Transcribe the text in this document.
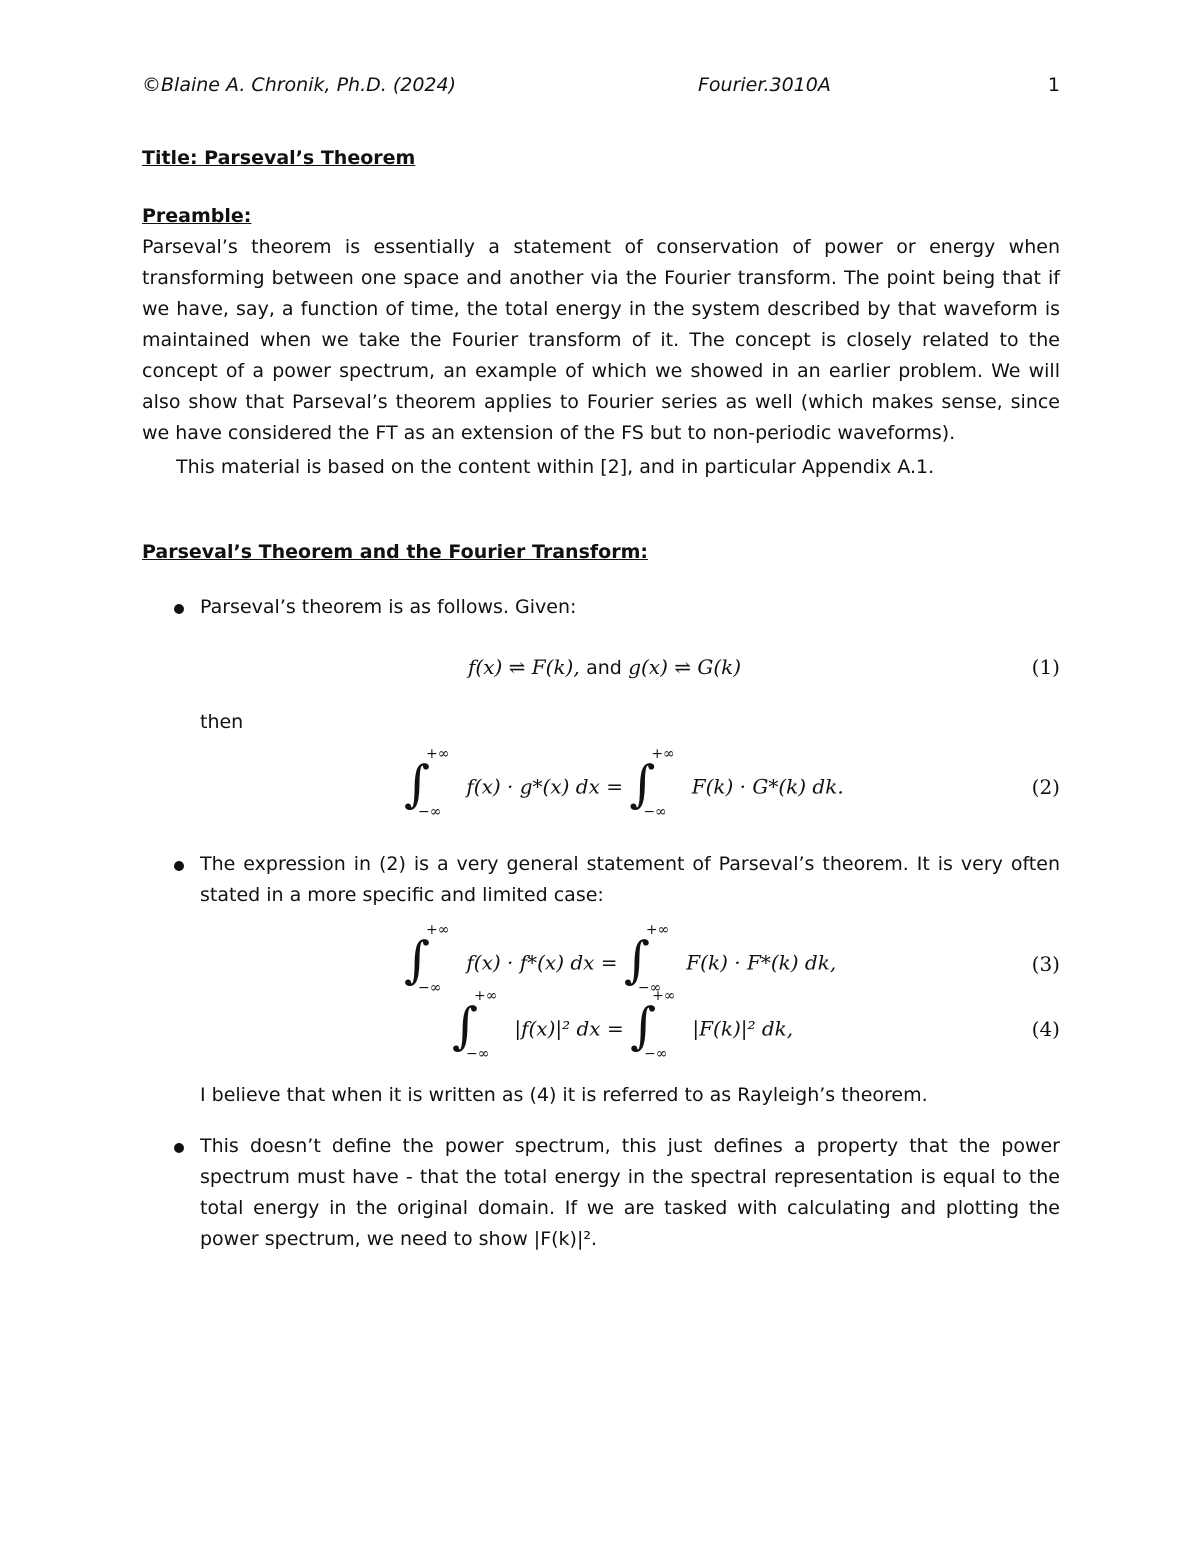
©Blaine A. Chronik, Ph.D. (2024)	Fourier.3010A	1
Title: Parseval’s Theorem
Preamble:
Parseval’s theorem is essentially a statement of conservation of power or energy when transforming between one space and another via the Fourier transform. The point being that if we have, say, a function of time, the total energy in the system described by that waveform is maintained when we take the Fourier transform of it. The concept is closely related to the concept of a power spectrum, an example of which we showed in an earlier problem. We will also show that Parseval’s theorem applies to Fourier series as well (which makes sense, since we have considered the FT as an extension of the FS but to non-periodic waveforms).
This material is based on the content within [2], and in particular Appendix A.1.
Parseval’s Theorem and the Fourier Transform:
Parseval’s theorem is as follows. Given:
f(x) ⇌ F(k), and g(x) ⇌ G(k)	(1)
then
∫
+∞
−∞
f(x) · g*(x) dx = ∫
+∞
−∞
F(k) · G*(k) dk.	(2)
The expression in (2) is a very general statement of Parseval’s theorem. It is very often stated in a more specific and limited case:
∫
+∞
−∞
f(x) · f*(x) dx = ∫
+∞
−∞
F(k) · F*(k) dk,	(3)
∫
+∞
−∞
|f(x)|² dx = ∫
+∞
−∞
|F(k)|² dk,	(4)
I believe that when it is written as (4) it is referred to as Rayleigh’s theorem.
This doesn’t define the power spectrum, this just defines a property that the power spectrum must have - that the total energy in the spectral representation is equal to the total energy in the original domain. If we are tasked with calculating and plotting the power spectrum, we need to show |F(k)|².
